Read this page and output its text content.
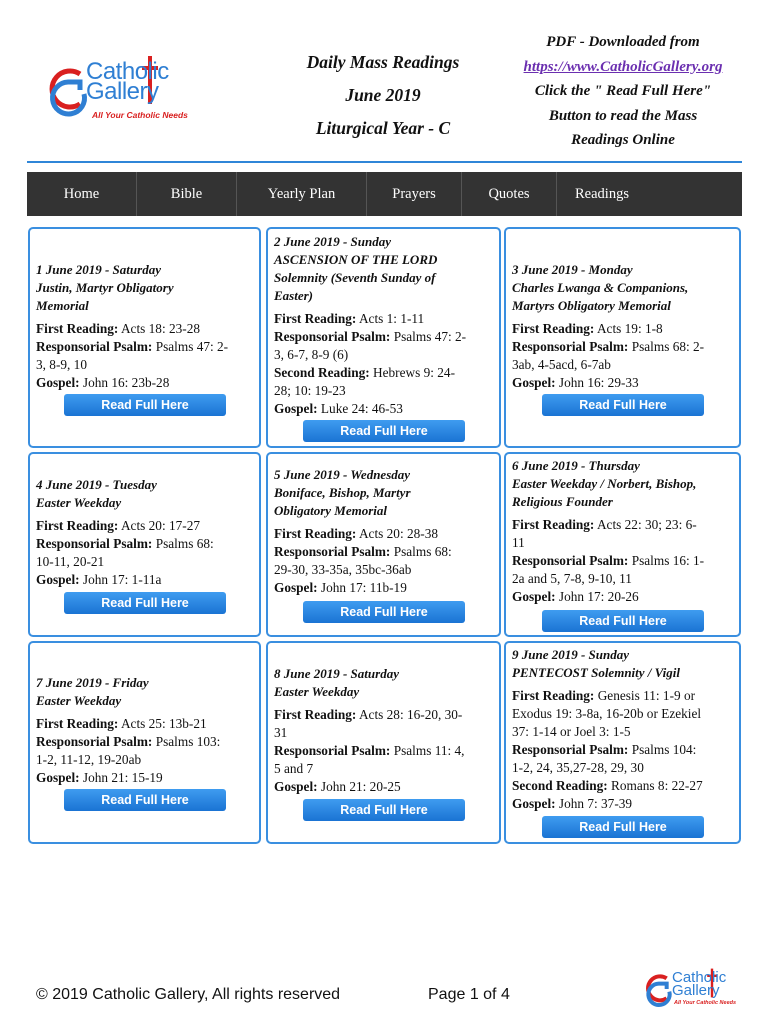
Catholic
Gallery
All Your Catholic Needs
Daily Mass Readings
June 2019
Liturgical Year - C
PDF - Downloaded from
https://www.CatholicGallery.org
Click the " Read Full Here"
Button to read the Mass
Readings Online
Home	Bible	Yearly Plan	Prayers	Quotes	Readings
1 June 2019 - Saturday
Justin, Martyr Obligatory
Memorial
First Reading: Acts 18: 23-28
Responsorial Psalm: Psalms 47: 2-
3, 8-9, 10
Gospel: John 16: 23b-28
Read Full Here
2 June 2019 - Sunday
ASCENSION OF THE LORD
Solemnity (Seventh Sunday of
Easter)
First Reading: Acts 1: 1-11
Responsorial Psalm: Psalms 47: 2-
3, 6-7, 8-9 (6)
Second Reading: Hebrews 9: 24-
28; 10: 19-23
Gospel: Luke 24: 46-53
Read Full Here
3 June 2019 - Monday
Charles Lwanga & Companions,
Martyrs Obligatory Memorial
First Reading: Acts 19: 1-8
Responsorial Psalm: Psalms 68: 2-
3ab, 4-5acd, 6-7ab
Gospel: John 16: 29-33
Read Full Here
4 June 2019 - Tuesday
Easter Weekday
First Reading: Acts 20: 17-27
Responsorial Psalm: Psalms 68:
10-11, 20-21
Gospel: John 17: 1-11a
Read Full Here
5 June 2019 - Wednesday
Boniface, Bishop, Martyr
Obligatory Memorial
First Reading: Acts 20: 28-38
Responsorial Psalm: Psalms 68:
29-30, 33-35a, 35bc-36ab
Gospel: John 17: 11b-19
Read Full Here
6 June 2019 - Thursday
Easter Weekday / Norbert, Bishop,
Religious Founder
First Reading: Acts 22: 30; 23: 6-
11
Responsorial Psalm: Psalms 16: 1-
2a and 5, 7-8, 9-10, 11
Gospel: John 17: 20-26
Read Full Here
7 June 2019 - Friday
Easter Weekday
First Reading: Acts 25: 13b-21
Responsorial Psalm: Psalms 103:
1-2, 11-12, 19-20ab
Gospel: John 21: 15-19
Read Full Here
8 June 2019 - Saturday
Easter Weekday
First Reading: Acts 28: 16-20, 30-
31
Responsorial Psalm: Psalms 11: 4,
5 and 7
Gospel: John 21: 20-25
Read Full Here
9 June 2019 - Sunday
PENTECOST Solemnity / Vigil
First Reading: Genesis 11: 1-9 or
Exodus 19: 3-8a, 16-20b or Ezekiel
37: 1-14 or Joel 3: 1-5
Responsorial Psalm: Psalms 104:
1-2, 24, 35,27-28, 29, 30
Second Reading: Romans 8: 22-27
Gospel: John 7: 37-39
Read Full Here
© 2019 Catholic Gallery, All rights reserved	Page 1 of 4
Catholic
Gallery
All Your Catholic Needs
